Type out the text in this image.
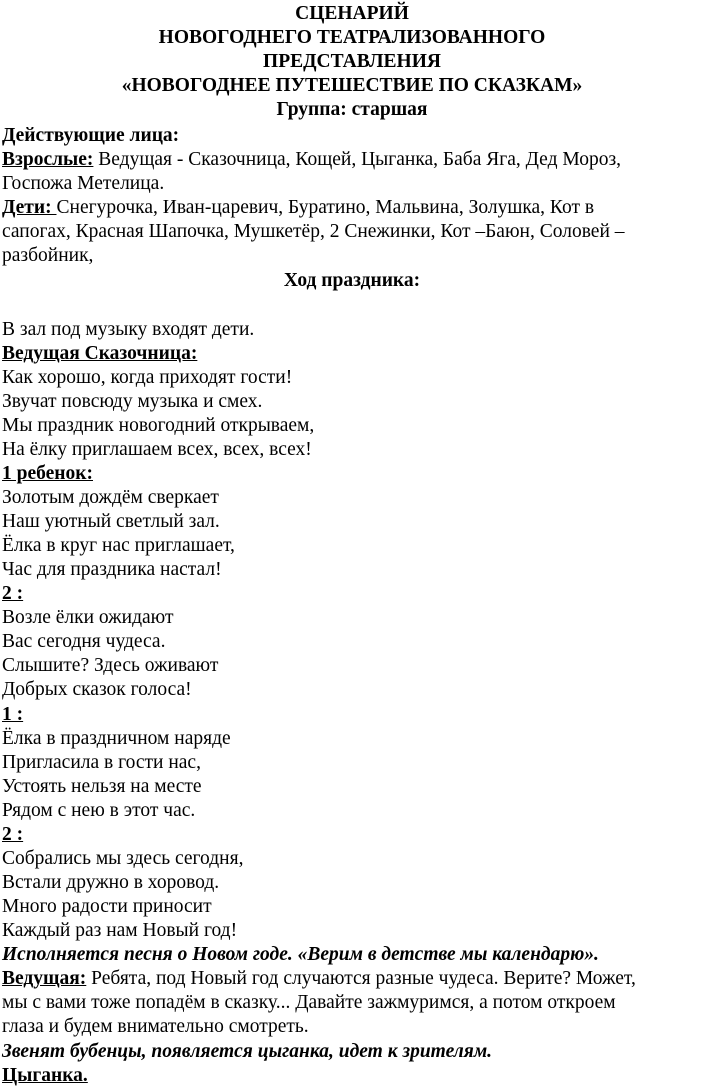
СЦЕНАРИЙ
НОВОГОДНЕГО ТЕАТРАЛИЗОВАННОГО
ПРЕДСТАВЛЕНИЯ
«НОВОГОДНЕЕ ПУТЕШЕСТВИЕ ПО СКАЗКАМ»
Группа: старшая
Действующие лица:
Взрослые: Ведущая - Сказочница, Кощей, Цыганка, Баба Яга, Дед Мороз,
Госпожа Метелица.
Дети: Снегурочка, Иван-царевич, Буратино, Мальвина, Золушка, Кот в
сапогах, Красная Шапочка, Мушкетёр, 2 Снежинки, Кот –Баюн, Соловей –
разбойник,
Ход праздника:
В зал под музыку входят дети.
Ведущая Сказочница:
Как хорошо, когда приходят гости!
Звучат повсюду музыка и смех.
Мы праздник новогодний открываем,
На ёлку приглашаем всех, всех, всех!
1 ребенок:
Золотым дождём сверкает
Наш уютный светлый зал.
Ёлка в круг нас приглашает,
Час для праздника настал!
2 :
Возле ёлки ожидают
Вас сегодня чудеса.
Слышите? Здесь оживают
Добрых сказок голоса!
1 :
Ёлка в праздничном наряде
Пригласила в гости нас,
Устоять нельзя на месте
Рядом с нею в этот час.
2 :
Собрались мы здесь сегодня,
Встали дружно в хоровод.
Много радости приносит
Каждый раз нам Новый год!
Исполняется песня о Новом годе. «Верим в детстве мы календарю».
Ведущая: Ребята, под Новый год случаются разные чудеса. Верите? Может,
мы с вами тоже попадём в сказку... Давайте зажмуримся, а потом откроем
глаза и будем внимательно смотреть.
Звенят бубенцы, появляется цыганка, идет к зрителям.
Цыганка.
